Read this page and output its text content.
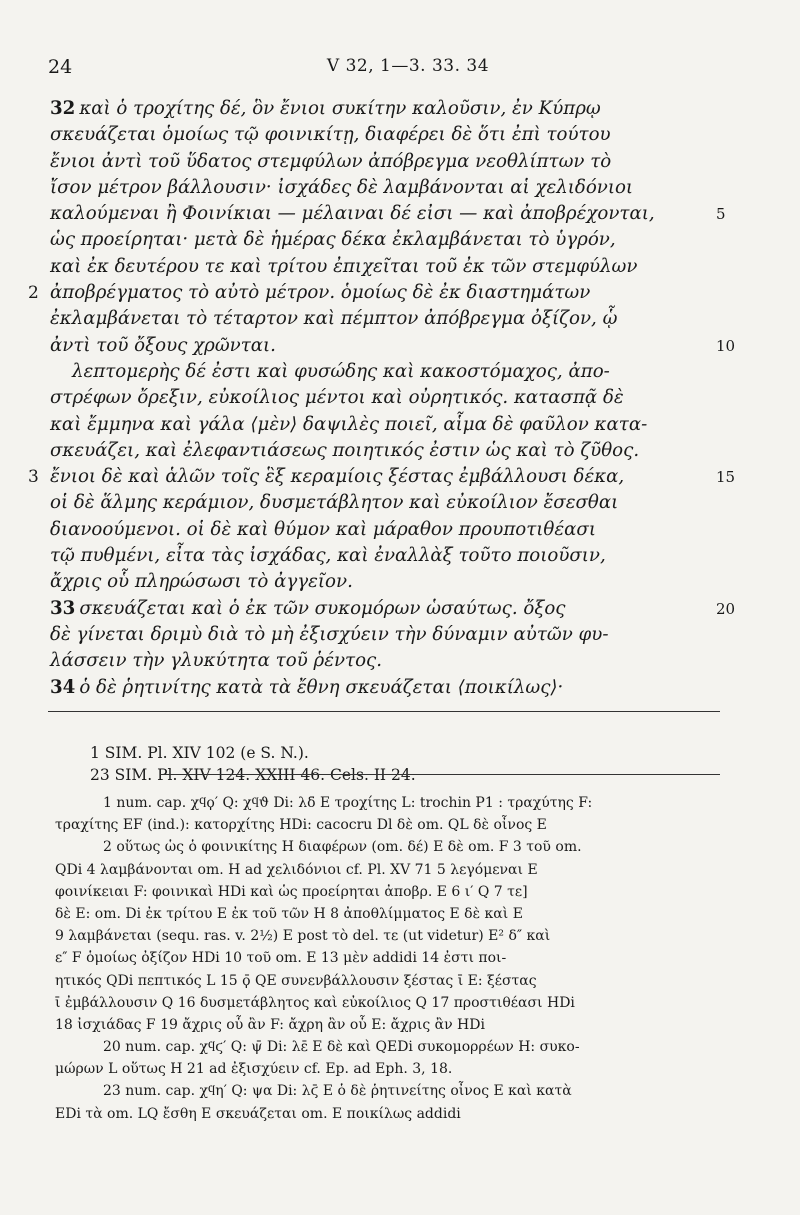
24	V 32, 1—3. 33. 34
32 καὶ ὁ τροχίτης δέ, ὃν ἔνιοι συκίτην καλοῦσιν, ἐν Κύπρῳ
σκευάζεται ὁμοίως τῷ φοινικίτῃ, διαφέρει δὲ ὅτι ἐπὶ τούτου
ἔνιοι ἀντὶ τοῦ ὕδατος στεμφύλων ἀπόβρεγμα νεοθλίπτων τὸ
ἴσον μέτρον βάλλουσιν· ἰσχάδες δὲ λαμβάνονται αἱ χελιδόνιοι
καλούμεναι ἢ Φοινίκιαι — μέλαιναι δέ εἰσι — καὶ ἀποβρέχονται,	5
ὡς προείρηται· μετὰ δὲ ἡμέρας δέκα ἐκλαμβάνεται τὸ ὑγρόν,
καὶ ἐκ δευτέρου τε καὶ τρίτου ἐπιχεῖται τοῦ ἐκ τῶν στεμφύλων
2 ἀποβρέγματος τὸ αὐτὸ μέτρον. ὁμοίως δὲ ἐκ διαστημάτων
ἐκλαμβάνεται τὸ τέταρτον καὶ πέμπτον ἀπόβρεγμα ὀξίζον, ᾧ
ἀντὶ τοῦ ὄξους χρῶνται.	10
λεπτομερὴς δέ ἐστι καὶ φυσώδης καὶ κακοστόμαχος, ἀπο-
στρέφων ὄρεξιν, εὐκοίλιος μέντοι καὶ οὐρητικός. κατασπᾷ δὲ
καὶ ἔμμηνα καὶ γάλα ⟨μὲν⟩ δαψιλὲς ποιεῖ, αἷμα δὲ φαῦλον κατα-
σκευάζει, καὶ ἐλεφαντιάσεως ποιητικός ἐστιν ὡς καὶ τὸ ζῦθος.
3 ἔνιοι δὲ καὶ ἁλῶν τοῖς ἓξ κεραμίοις ξέστας ἐμβάλλουσι δέκα,	15
οἱ δὲ ἅλμης κεράμιον, δυσμετάβλητον καὶ εὐκοίλιον ἔσεσθαι
διανοούμενοι. οἱ δὲ καὶ θύμον καὶ μάραθον προυποτιθέασι
τῷ πυθμένι, εἶτα τὰς ἰσχάδας, καὶ ἐναλλὰξ τοῦτο ποιοῦσιν,
ἄχρις οὗ πληρώσωσι τὸ ἀγγεῖον.
33 σκευάζεται καὶ ὁ ἐκ τῶν συκομόρων ὡσαύτως. ὄξος	20
δὲ γίνεται δριμὺ διὰ τὸ μὴ ἐξισχύειν τὴν δύναμιν αὐτῶν φυ-
λάσσειν τὴν γλυκύτητα τοῦ ῥέντος.
34 ὁ δὲ ῥητινίτης κατὰ τὰ ἔθνη σκευάζεται ⟨ποικίλως⟩·
1 SIM. Pl. XIV 102 (e S. N.).
23 SIM. Pl. XIV 124. XXIII 46. Cels. II 24.
1 num. cap. χϥϙ′ Q: χϥϑ Di: λδ̄ E τροχίτης L: trochin P1 : τραχύτης F:
τραχίτης EF (ind.): κατορχίτης HDi: cacocru Dl δὲ om. QL δὲ οἶνος E
2 οὕτως ὡς ὁ φοινικίτης H διαφέρων (om. δέ) E δὲ om. F 3 τοῦ om.
QDi 4 λαμβάνονται om. H ad χελιδόνιοι cf. Pl. XV 71 5 λεγόμεναι E
φοινίκειαι F: φοινικαὶ HDi καὶ ὡς προείρηται ἀποβρ. E 6 ι′ Q 7 τε]
δὲ E: om. Di ἐκ τρίτου E ἐκ τοῦ τῶν H 8 ἀποθλίμματος E δὲ καὶ E
9 λαμβάνεται (sequ. ras. v. 2½) E post τὸ del. τε (ut videtur) E² δ″ καὶ
ε″ F ὁμοίως ὀξίζον HDi 10 τοῦ om. E 13 μὲν addidi 14 ἐστι ποι-
ητικός QDi πεπτικός L 15 ϙ̄ QE συνενβάλλουσιν ξέστας ῑ E: ξέστας
ῑ ἐμβάλλουσιν Q 16 δυσμετάβλητος καὶ εὐκοίλιος Q 17 προστιθέασι HDi
18 ἰσχιάδας F 19 ἄχρις οὗ ἂν F: ἄχρη ἂν οὗ E: ἄχρις ἂν HDi
20 num. cap. χϥϛ′ Q: ψ̄ Di: λε̄ E δὲ καὶ QEDi συκομορρέων H: συκο-
μώρων L οὕτως H 21 ad ἐξισχύειν cf. Ep. ad Eph. 3, 18.
23 num. cap. χϥη′ Q: ψα Di: λϛ̄ E ὁ δὲ ῥητινείτης οἶνος E καὶ κατὰ
EDi τὰ om. LQ ἔσθη E σκευάζεται om. E ποικίλως addidi
